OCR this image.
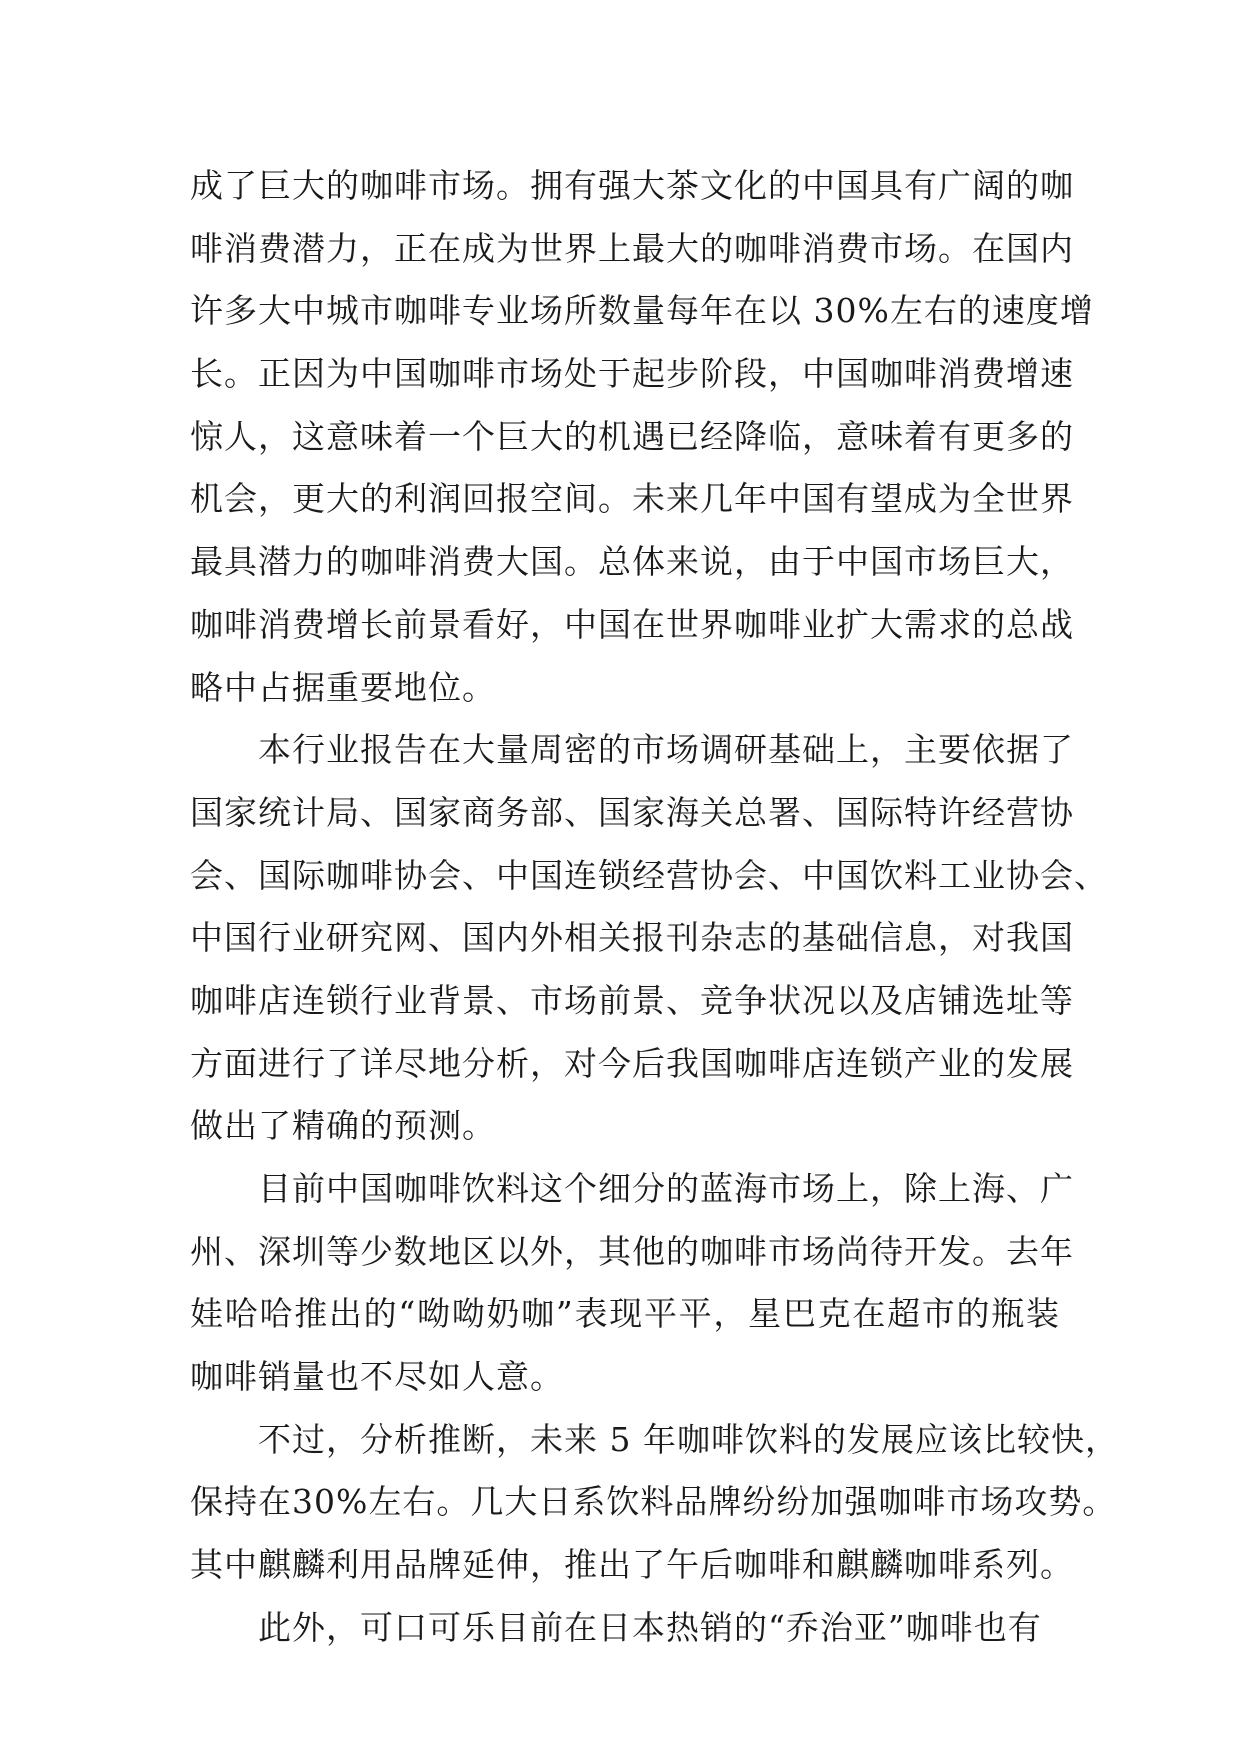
成了巨大的咖啡市场。拥有强大茶文化的中国具有广阔的咖
啡消费潜力，正在成为世界上最大的咖啡消费市场。在国内
许多大中城市咖啡专业场所数量每年在以 30%左右的速度增
长。正因为中国咖啡市场处于起步阶段，中国咖啡消费增速
惊人，这意味着一个巨大的机遇已经降临，意味着有更多的
机会，更大的利润回报空间。未来几年中国有望成为全世界
最具潜力的咖啡消费大国。总体来说，由于中国市场巨大，
咖啡消费增长前景看好，中国在世界咖啡业扩大需求的总战
略中占据重要地位。
本行业报告在大量周密的市场调研基础上，主要依据了
国家统计局、国家商务部、国家海关总署、国际特许经营协
会、国际咖啡协会、中国连锁经营协会、中国饮料工业协会、
中国行业研究网、国内外相关报刊杂志的基础信息，对我国
咖啡店连锁行业背景、市场前景、竞争状况以及店铺选址等
方面进行了详尽地分析，对今后我国咖啡店连锁产业的发展
做出了精确的预测。
目前中国咖啡饮料这个细分的蓝海市场上，除上海、广
州、深圳等少数地区以外，其他的咖啡市场尚待开发。去年
娃哈哈推出的“呦呦奶咖”表现平平，星巴克在超市的瓶装
咖啡销量也不尽如人意。
不过，分析推断，未来 5 年咖啡饮料的发展应该比较快，
保持在30%左右。几大日系饮料品牌纷纷加强咖啡市场攻势。
其中麒麟利用品牌延伸，推出了午后咖啡和麒麟咖啡系列。
此外，可口可乐目前在日本热销的“乔治亚”咖啡也有
